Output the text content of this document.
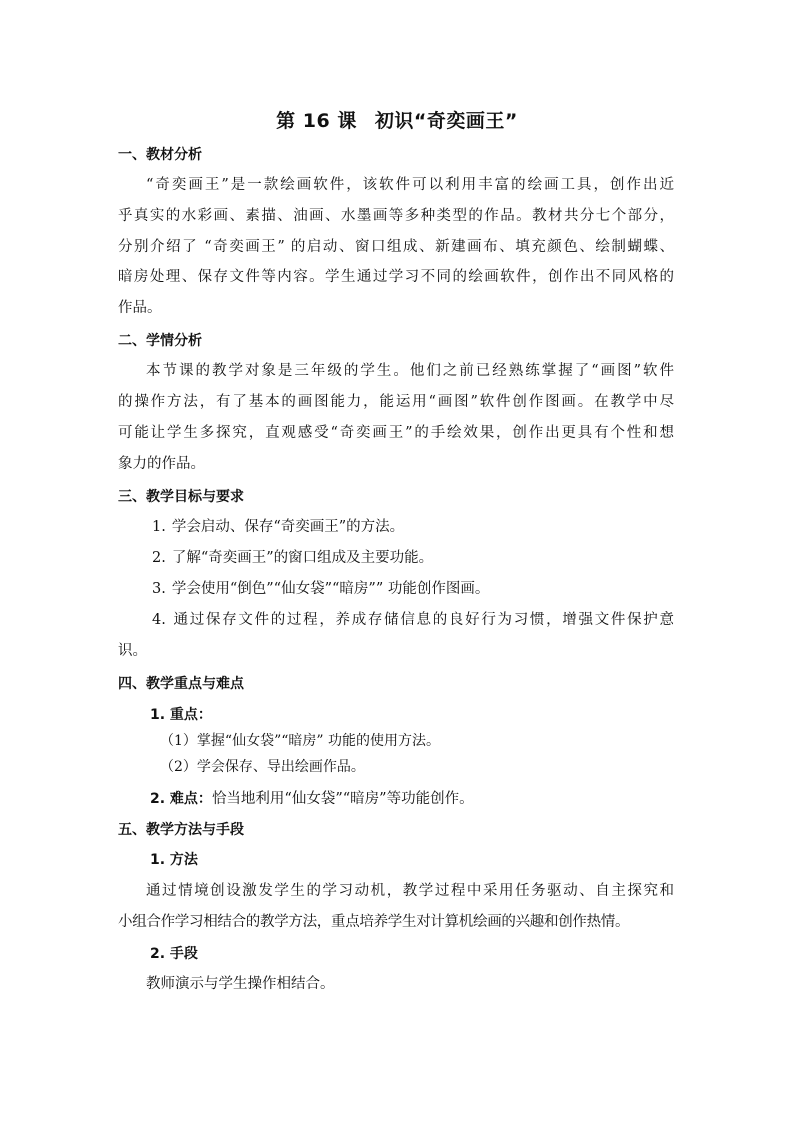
第 16 课 初识“奇奕画王”
一、教材分析
“奇奕画王”是一款绘画软件，该软件可以利用丰富的绘画工具，创作出近
乎真实的水彩画、素描、油画、水墨画等多种类型的作品。教材共分七个部分，
分别介绍了 “奇奕画王” 的启动、窗口组成、新建画布、填充颜色、绘制蝴蝶、
暗房处理、保存文件等内容。学生通过学习不同的绘画软件，创作出不同风格的
作品。
二、学情分析
本节课的教学对象是三年级的学生。他们之前已经熟练掌握了“画图”软件
的操作方法，有了基本的画图能力，能运用“画图”软件创作图画。在教学中尽
可能让学生多探究，直观感受“奇奕画王”的手绘效果，创作出更具有个性和想
象力的作品。
三、教学目标与要求
1. 学会启动、保存“奇奕画王”的方法。
2. 了解“奇奕画王”的窗口组成及主要功能。
3. 学会使用“倒色”“仙女袋”“暗房”” 功能创作图画。
4. 通过保存文件的过程，养成存储信息的良好行为习惯，增强文件保护意
识。
四、教学重点与难点
1. 重点：
（1）掌握“仙女袋”“暗房” 功能的使用方法。
（2）学会保存、导出绘画作品。
2. 难点：恰当地利用“仙女袋”“暗房”等功能创作。
五、教学方法与手段
1. 方法
通过情境创设激发学生的学习动机，教学过程中采用任务驱动、自主探究和
小组合作学习相结合的教学方法，重点培养学生对计算机绘画的兴趣和创作热情。
2. 手段
教师演示与学生操作相结合。
